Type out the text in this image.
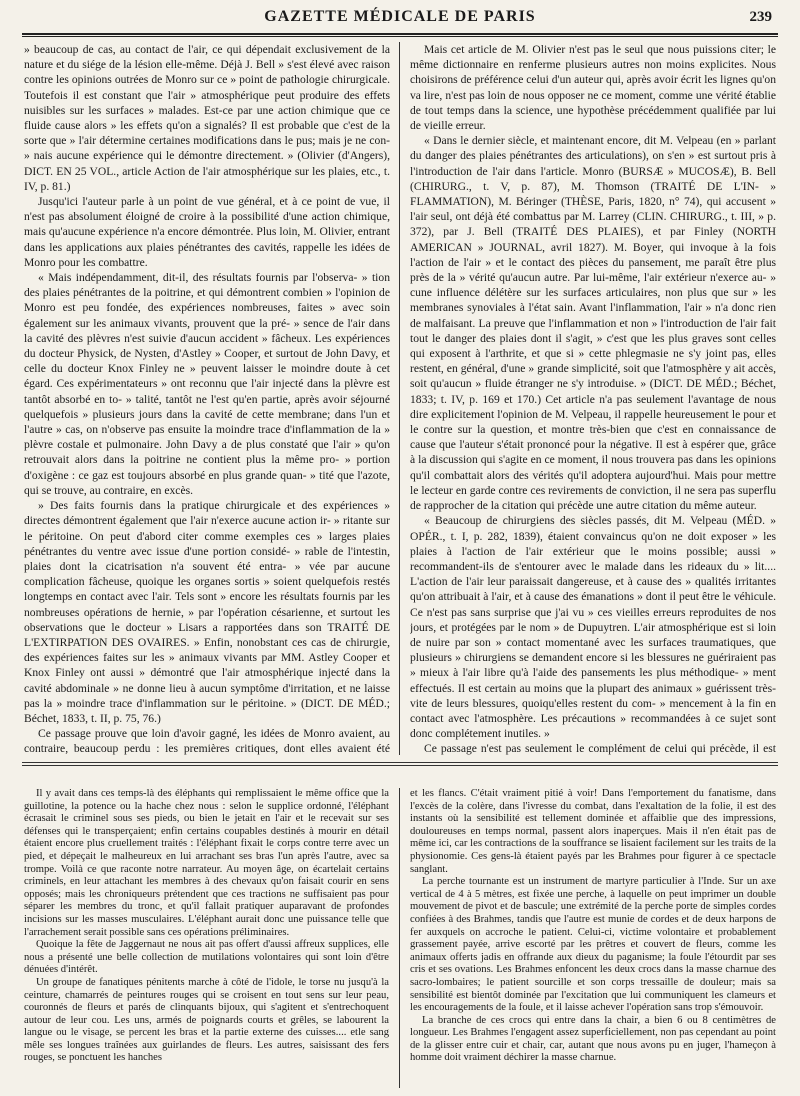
GAZETTE MÉDICALE DE PARIS	239

» beaucoup de cas, au contact de l'air, ce qui dépendait exclusivement de la nature et du siége de la lésion elle-même. Déjà J. Bell » s'est élevé avec raison contre les opinions outrées de Monro sur ce » point de pathologie chirurgicale. Toutefois il est constant que l'air » atmosphérique peut produire des effets nuisibles sur les surfaces » malades. Est-ce par une action chimique que ce fluide cause alors » les effets qu'on a signalés? Il est probable que c'est de la sorte que » l'air détermine certaines modifications dans le pus; mais je ne con- » nais aucune expérience qui le démontre directement. » (Olivier (d'Angers), DICT. EN 25 VOL., article Action de l'air atmosphérique sur les plaies, etc., t. IV, p. 81.)

Jusqu'ici l'auteur parle à un point de vue général, et à ce point de vue, il n'est pas absolument éloigné de croire à la possibilité d'une action chimique, mais qu'aucune expérience n'a encore démontrée. Plus loin, M. Olivier, entrant dans les applications aux plaies pénétrantes des cavités, rappelle les idées de Monro pour les combattre.

« Mais indépendamment, dit-il, des résultats fournis par l'observa- » tion des plaies pénétrantes de la poitrine, et qui démontrent combien » l'opinion de Monro est peu fondée, des expériences nombreuses, faites » avec soin également sur les animaux vivants, prouvent que la pré- » sence de l'air dans la cavité des plèvres n'est suivie d'aucun accident » fâcheux. Les expériences du docteur Physick, de Nysten, d'Astley » Cooper, et surtout de John Davy, et celle du docteur Knox Finley ne » peuvent laisser le moindre doute à cet égard. Ces expérimentateurs » ont reconnu que l'air injecté dans la plèvre est tantôt absorbé en to- » talité, tantôt ne l'est qu'en partie, après avoir séjourné quelquefois » plusieurs jours dans la cavité de cette membrane; dans l'un et l'autre » cas, on n'observe pas ensuite la moindre trace d'inflammation de la » plèvre costale et pulmonaire. John Davy a de plus constaté que l'air » qu'on retrouvait alors dans la poitrine ne contient plus la même pro- » portion d'oxigène : ce gaz est toujours absorbé en plus grande quan- » tité que l'azote, qui se trouve, au contraire, en excès.

» Des faits fournis dans la pratique chirurgicale et des expériences » directes démontrent également que l'air n'exerce aucune action ir- » ritante sur le péritoine. On peut d'abord citer comme exemples ces » larges plaies pénétrantes du ventre avec issue d'une portion considé- » rable de l'intestin, plaies dont la cicatrisation n'a souvent été entra- » vée par aucune complication fâcheuse, quoique les organes sortis » soient quelquefois restés longtemps en contact avec l'air. Tels sont » encore les résultats fournis par les nombreuses opérations de hernie, » par l'opération césarienne, et surtout les observations que le docteur » Lisars a rapportées dans son TRAITÉ DE L'EXTIRPATION DES OVAIRES. » Enfin, nonobstant ces cas de chirurgie, des expériences faites sur les » animaux vivants par MM. Astley Cooper et Knox Finley ont aussi » démontré que l'air atmosphérique injecté dans la cavité abdominale » ne donne lieu à aucun symptôme d'irritation, et ne laisse pas la » moindre trace d'inflammation sur le péritoine. » (DICT. DE MÉD.; Béchet, 1833, t. II, p. 75, 76.)

Ce passage prouve que loin d'avoir gagné, les idées de Monro avaient, au contraire, beaucoup perdu : les premières critiques, dont elles avaient été

Mais cet article de M. Olivier n'est pas le seul que nous puissions citer; le même dictionnaire en renferme plusieurs autres non moins explicites. Nous choisirons de préférence celui d'un auteur qui, après avoir écrit les lignes qu'on va lire, n'est pas loin de nous opposer ne ce moment, comme une vérité établie de tout temps dans la science, une hypothèse précédemment qualifiée par lui de vieille erreur.

« Dans le dernier siècle, et maintenant encore, dit M. Velpeau (en » parlant du danger des plaies pénétrantes des articulations), on s'en » est surtout pris à l'introduction de l'air dans l'article. Monro (BURSÆ » MUCOSÆ), B. Bell (CHIRURG., t. V, p. 87), M. Thomson (TRAITÉ DE L'IN- » FLAMMATION), M. Béringer (THÈSE, Paris, 1820, n° 74), qui accusent » l'air seul, ont déjà été combattus par M. Larrey (CLIN. CHIRURG., t. III, » p. 372), par J. Bell (TRAITÉ DES PLAIES), et par Finley (NORTH AMERICAN » JOURNAL, avril 1827). M. Boyer, qui invoque à la fois l'action de l'air » et le contact des pièces du pansement, me paraît être plus près de la » vérité qu'aucun autre. Par lui-même, l'air extérieur n'exerce au- » cune influence délétère sur les surfaces articulaires, non plus que sur » les membranes synoviales à l'état sain. Avant l'inflammation, l'air » n'a donc rien de malfaisant. La preuve que l'inflammation et non » l'introduction de l'air fait tout le danger des plaies dont il s'agit, » c'est que les plus graves sont celles qui exposent à l'arthrite, et que si » cette phlegmasie ne s'y joint pas, elles restent, en général, d'une » grande simplicité, soit que l'atmosphère y ait accès, soit qu'aucun » fluide étranger ne s'y introduise. » (DICT. DE MÉD.; Béchet, 1833; t. IV, p. 169 et 170.) Cet article n'a pas seulement l'avantage de nous dire explicitement l'opinion de M. Velpeau, il rappelle heureusement le pour et le contre sur la question, et montre très-bien que c'est en connaissance de cause que l'auteur s'était prononcé pour la négative. Il est à espérer que, grâce à la discussion qui s'agite en ce moment, il nous trouvera pas dans les opinions qu'il combattait alors des vérités qu'il adoptera aujourd'hui. Mais pour mettre le lecteur en garde contre ces revirements de conviction, il ne sera pas superflu de rapprocher de la citation qui précède une autre citation du même auteur.

« Beaucoup de chirurgiens des siècles passés, dit M. Velpeau (MÉD. » OPÉR., t. I, p. 282, 1839), étaient convaincus qu'on ne doit exposer » les plaies à l'action de l'air extérieur que le moins possible; aussi » recommandent-ils de s'entourer avec le malade dans les rideaux du » lit.... L'action de l'air leur paraissait dangereuse, et à cause des » qualités irritantes qu'on attribuait à l'air, et à cause des émanations » dont il peut être le véhicule. Ce n'est pas sans surprise que j'ai vu » ces vieilles erreurs reproduites de nos jours, et protégées par le nom » de Dupuytren. L'air atmosphérique est si loin de nuire par son » contact momentané avec les surfaces traumatiques, que plusieurs » chirurgiens se demandent encore si les blessures ne guériraient pas » mieux à l'air libre qu'à l'aide des pansements les plus méthodique- » ment effectués. Il est certain au moins que la plupart des animaux » guérissent très-vite de leurs blessures, quoiqu'elles restent du com- » mencement à la fin en contact avec l'atmosphère. Les précautions » recommandées à ce sujet sont donc complétement inutiles. »

Ce passage n'est pas seulement le complément de celui qui précède, il est

Il y avait dans ces temps-là des éléphants qui remplissaient le même office que la guillotine, la potence ou la hache chez nous : selon le supplice ordonné, l'éléphant écrasait le criminel sous ses pieds, ou bien le jetait en l'air et le recevait sur ses défenses qui le transperçaient; enfin certains coupables destinés à mourir en détail étaient encore plus cruellement traités : l'éléphant fixait le corps contre terre avec un pied, et dépeçait le malheureux en lui arrachant ses bras l'un après l'autre, avec sa trompe. Voilà ce que raconte notre narrateur. Au moyen âge, on écartelait certains criminels, en leur attachant les membres à des chevaux qu'on faisait courir en sens opposés; mais les chroniqueurs prétendent que ces tractions ne suffisaient pas pour séparer les membres du tronc, et qu'il fallait pratiquer auparavant de profondes incisions sur les masses musculaires. L'éléphant aurait donc une puissance telle que l'arrachement serait possible sans ces opérations préliminaires.

Quoique la fête de Jaggernaut ne nous ait pas offert d'aussi affreux supplices, elle nous a présenté une belle collection de mutilations volontaires qui sont loin d'être dénuées d'intérêt.

Un groupe de fanatiques pénitents marche à côté de l'idole, le torse nu jusqu'à la ceinture, chamarrés de peintures rouges qui se croisent en tout sens sur leur peau, couronnés de fleurs et parés de clinquants bijoux, qui s'agitent et s'entrechoquent autour de leur cou. Les uns, armés de poignards courts et grêles, se labourent la langue ou le visage, se percent les bras et la partie externe des cuisses.... etle sang mêle ses longues traînées aux guirlandes de fleurs. Les autres, saisissant des fers rouges, se ponctuent les hanches

et les flancs. C'était vraiment pitié à voir! Dans l'emportement du fanatisme, dans l'excès de la colère, dans l'ivresse du combat, dans l'exaltation de la folie, il est des instants où la sensibilité est tellement dominée et affaiblie que des impressions, douloureuses en temps normal, passent alors inaperçues. Mais il n'en était pas de même ici, car les contractions de la souffrance se lisaient facilement sur les traits de la physionomie. Ces gens-là étaient payés par les Brahmes pour figurer à ce spectacle sanglant.

La perche tournante est un instrument de martyre particulier à l'Inde. Sur un axe vertical de 4 à 5 mètres, est fixée une perche, à laquelle on peut imprimer un double mouvement de pivot et de bascule; une extrémité de la perche porte de simples cordes confiées à des Brahmes, tandis que l'autre est munie de cordes et de deux harpons de fer auxquels on accroche le patient. Celui-ci, victime volontaire et probablement grassement payée, arrive escorté par les prêtres et couvert de fleurs, comme les animaux offerts jadis en offrande aux dieux du paganisme; la foule l'étourdit par ses cris et ses ovations. Les Brahmes enfoncent les deux crocs dans la masse charnue des sacro-lombaires; le patient sourcille et son corps tressaille de douleur; mais sa sensibilité est bientôt dominée par l'excitation que lui communiquent les clameurs et les encouragements de la foule, et il laisse achever l'opération sans trop s'émouvoir.

La branche de ces crocs qui entre dans la chair, a bien 6 ou 8 centimètres de longueur. Les Brahmes l'engagent assez superficiellement, non pas cependant au point de la glisser entre cuir et chair, car, autant que nous avons pu en juger, l'hameçon à homme doit vraiment déchirer la masse charnue.
